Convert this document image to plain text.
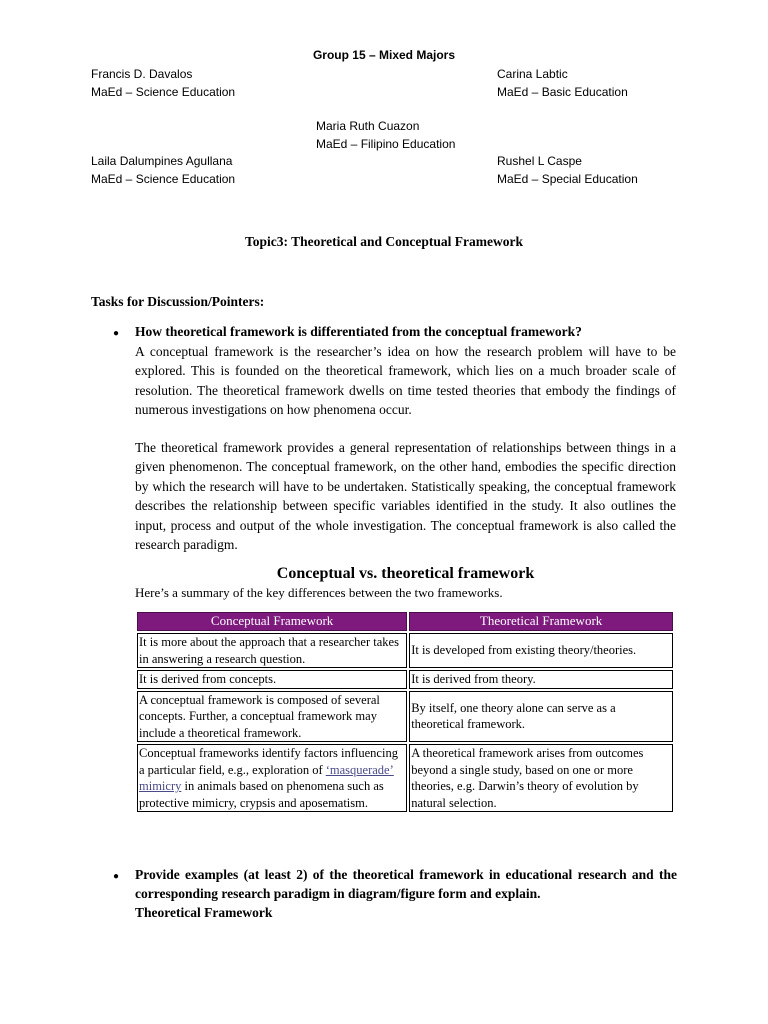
Group 15 – Mixed Majors
Francis D. Davalos
MaEd – Science Education
Carina Labtic
MaEd – Basic Education
Maria Ruth Cuazon
MaEd – Filipino Education
Laila Dalumpines Agullana
MaEd – Science Education
Rushel L Caspe
MaEd – Special Education
Topic3: Theoretical and Conceptual Framework
Tasks for Discussion/Pointers:
● How theoretical framework is differentiated from the conceptual framework?

A conceptual framework is the researcher’s idea on how the research problem will have to be explored. This is founded on the theoretical framework, which lies on a much broader scale of resolution. The theoretical framework dwells on time tested theories that embody the findings of numerous investigations on how phenomena occur.

The theoretical framework provides a general representation of relationships between things in a given phenomenon. The conceptual framework, on the other hand, embodies the specific direction by which the research will have to be undertaken. Statistically speaking, the conceptual framework describes the relationship between specific variables identified in the study. It also outlines the input, process and output of the whole investigation. The conceptual framework is also called the research paradigm.

Conceptual vs. theoretical framework
Here’s a summary of the key differences between the two frameworks.
Conceptual Framework	Theoretical Framework
It is more about the approach that a researcher takes in answering a research question.	It is developed from existing theory/theories.
It is derived from concepts.	It is derived from theory.
A conceptual framework is composed of several concepts. Further, a conceptual framework may include a theoretical framework.	By itself, one theory alone can serve as a theoretical framework.
Conceptual frameworks identify factors influencing a particular field, e.g., exploration of ‘masquerade’ mimicry in animals based on phenomena such as protective mimicry, crypsis and aposematism.	A theoretical framework arises from outcomes beyond a single study, based on one or more theories, e.g. Darwin’s theory of evolution by natural selection.
● Provide examples (at least 2) of the theoretical framework in educational research and the corresponding research paradigm in diagram/figure form and explain.
Theoretical Framework
